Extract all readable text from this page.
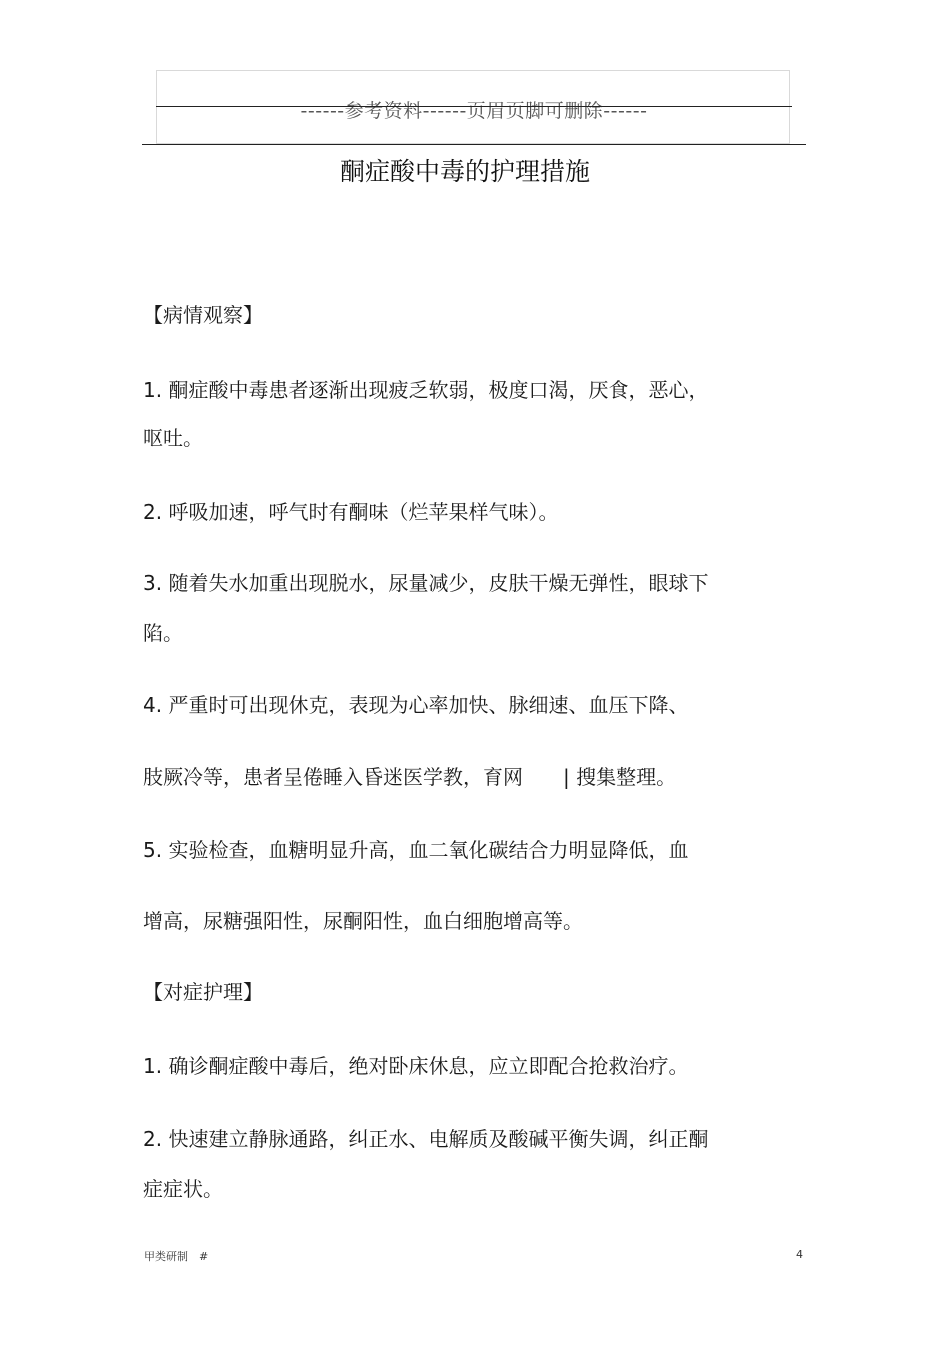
------参考资料------页眉页脚可删除------
酮症酸中毒的护理措施
【病情观察】
1. 酮症酸中毒患者逐渐出现疲乏软弱，极度口渴，厌食，恶心，
呕吐。
2. 呼吸加速，呼气时有酮味（烂苹果样气味）。
3. 随着失水加重出现脱水，尿量减少，皮肤干燥无弹性，眼球下
陷。
4. 严重时可出现休克，表现为心率加快、脉细速、血压下降、
肢厥冷等，患者呈倦睡入昏迷医学教，育网　　| 搜集整理。
5. 实验检查，血糖明显升高，血二氧化碳结合力明显降低，血
增高，尿糖强阳性，尿酮阳性，血白细胞增高等。
【对症护理】
1. 确诊酮症酸中毒后，绝对卧床休息，应立即配合抢救治疗。
2. 快速建立静脉通路，纠正水、电解质及酸碱平衡失调，纠正酮
症症状。
甲类研制　#	4
